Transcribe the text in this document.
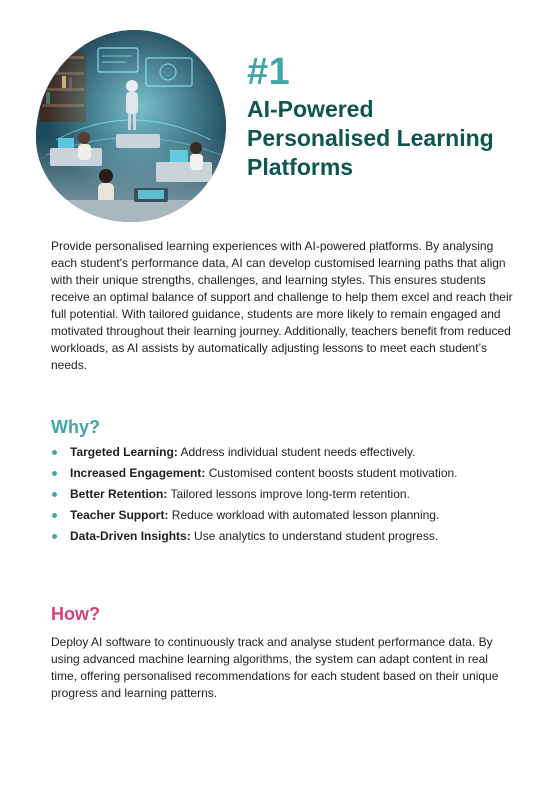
#1
AI-Powered
Personalised Learning
Platforms

Provide personalised learning experiences with AI-powered platforms. By analysing each student's performance data, AI can develop customised learning paths that align with their unique strengths, challenges, and learning styles. This ensures students receive an optimal balance of support and challenge to help them excel and reach their full potential. With tailored guidance, students are more likely to remain engaged and motivated throughout their learning journey. Additionally, teachers benefit from reduced workloads, as AI assists by automatically adjusting lessons to meet each student’s needs.

Why?
Targeted Learning: Address individual student needs effectively.
Increased Engagement: Customised content boosts student motivation.
Better Retention: Tailored lessons improve long-term retention.
Teacher Support: Reduce workload with automated lesson planning.
Data-Driven Insights: Use analytics to understand student progress.
How?

Deploy AI software to continuously track and analyse student performance data. By using advanced machine learning algorithms, the system can adapt content in real time, offering personalised recommendations for each student based on their unique progress and learning patterns.
